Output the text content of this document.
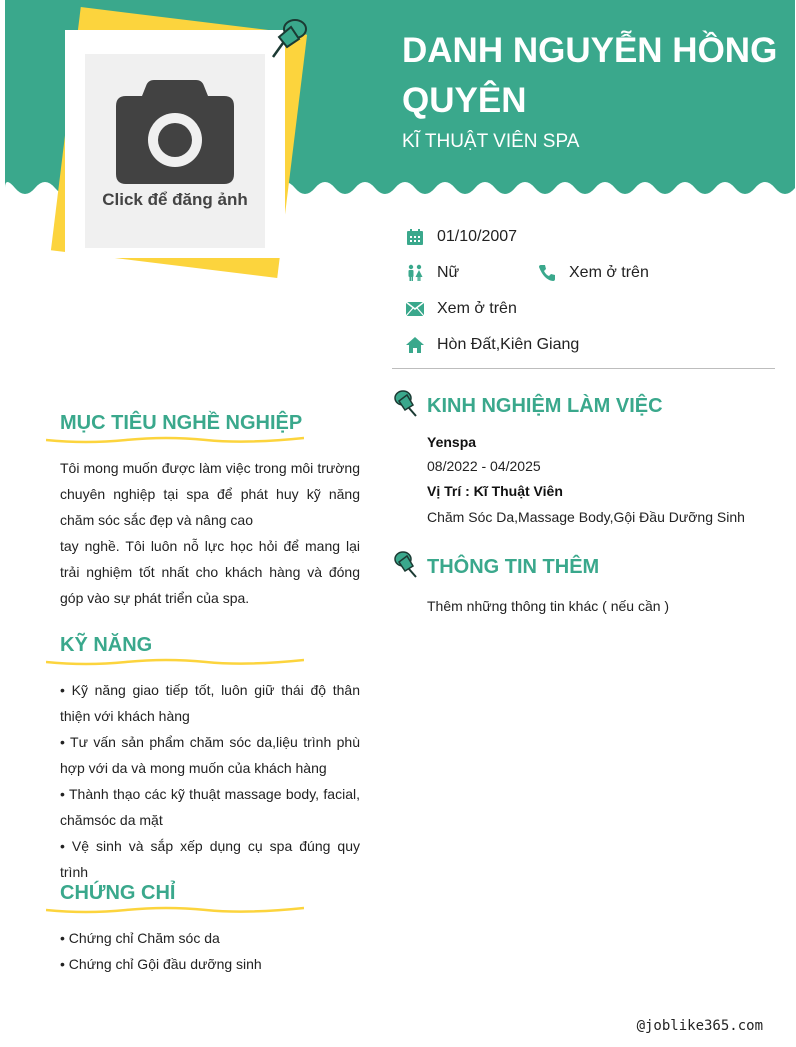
Click để đăng ảnh
DANH NGUYỄN HỒNG QUYÊN
KĨ THUẬT VIÊN SPA
01/10/2007
Nữ	Xem ở trên
Xem ở trên
Hòn Đất,Kiên Giang
MỤC TIÊU NGHỀ NGHIỆP

Tôi mong muốn được làm việc trong môi trường chuyên nghiệp tại spa để phát huy kỹ năng chăm sóc sắc đẹp và nâng cao

tay nghề. Tôi luôn nỗ lực học hỏi để mang lại trải nghiệm tốt nhất cho khách hàng và đóng góp vào sự phát triển của spa.

KỸ NĂNG

• Kỹ năng giao tiếp tốt, luôn giữ thái độ thân thiện với khách hàng

• Tư vấn sản phẩm chăm sóc da,liệu trình phù hợp với da và mong muốn của khách hàng

• Thành thạo các kỹ thuật massage body, facial, chămsóc da mặt

• Vệ sinh và sắp xếp dụng cụ spa đúng quy trình

CHỨNG CHỈ

• Chứng chỉ Chăm sóc da

• Chứng chỉ Gội đầu dưỡng sinh

KINH NGHIỆM LÀM VIỆC
Yenspa
08/2022 - 04/2025
Vị Trí : Kĩ Thuật Viên
Chăm Sóc Da,Massage Body,Gội Đầu Dưỡng Sinh
THÔNG TIN THÊM
Thêm những thông tin khác ( nếu cần )
@joblike365.com
